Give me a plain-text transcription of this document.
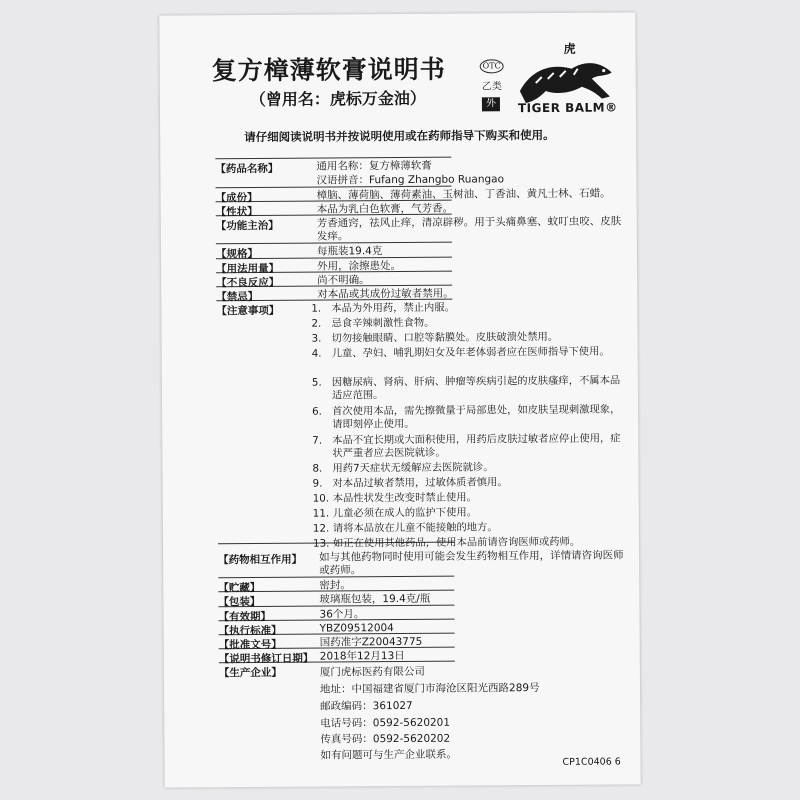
复方樟薄软膏说明书
（曾用名：虎标万金油）
OTC
乙类
外
虎
TIGER BALM®
请仔细阅读说明书并按说明使用或在药师指导下购买和使用。
【药品名称】	通用名称：复方樟薄软膏
汉语拼音：Fufang Zhangbo Ruangao
【成份】	樟脑、薄荷脑、薄荷素油、玉树油、丁香油、黄凡士林、石蜡。
【性状】	本品为乳白色软膏，气芳香。
【功能主治】	芳香通窍，祛风止痒，清凉辟秽。用于头痛鼻塞、蚊叮虫咬、皮肤发痒。
【规格】	每瓶装19.4克
【用法用量】	外用，涂擦患处。
【不良反应】	尚不明确。
【禁忌】	对本品或其成份过敏者禁用。
【注意事项】	1. 本品为外用药，禁止内服。
2. 忌食辛辣刺激性食物。
3. 切勿接触眼睛、口腔等黏膜处。皮肤破溃处禁用。
4. 儿童、孕妇、哺乳期妇女及年老体弱者应在医师指导下使用。
5. 因糖尿病、肾病、肝病、肿瘤等疾病引起的皮肤瘙痒，不属本品适应范围。
6. 首次使用本品，需先擦微量于局部患处，如皮肤呈现刺激现象，请即刻停止使用。
7. 本品不宜长期或大面积使用，用药后皮肤过敏者应停止使用，症状严重者应去医院就诊。
8. 用药7天症状无缓解应去医院就诊。
9. 对本品过敏者禁用，过敏体质者慎用。
10. 本品性状发生改变时禁止使用。
11. 儿童必须在成人的监护下使用。
12. 请将本品放在儿童不能接触的地方。
13. 如正在使用其他药品，使用本品前请咨询医师或药师。
【药物相互作用】 如与其他药物同时使用可能会发生药物相互作用，详情请咨询医师或药师。
【贮藏】	密封。
【包装】	玻璃瓶包装，19.4克/瓶
【有效期】	36个月。
【执行标准】	YBZ09512004
【批准文号】	国药准字Z20043775
【说明书修订日期】 2018年12月13日
【生产企业】	厦门虎标医药有限公司
地址：中国福建省厦门市海沧区阳光西路289号
邮政编码：361027
电话号码：0592-5620201
传真号码：0592-5620202
如有问题可与生产企业联系。
CP1C0406 6
